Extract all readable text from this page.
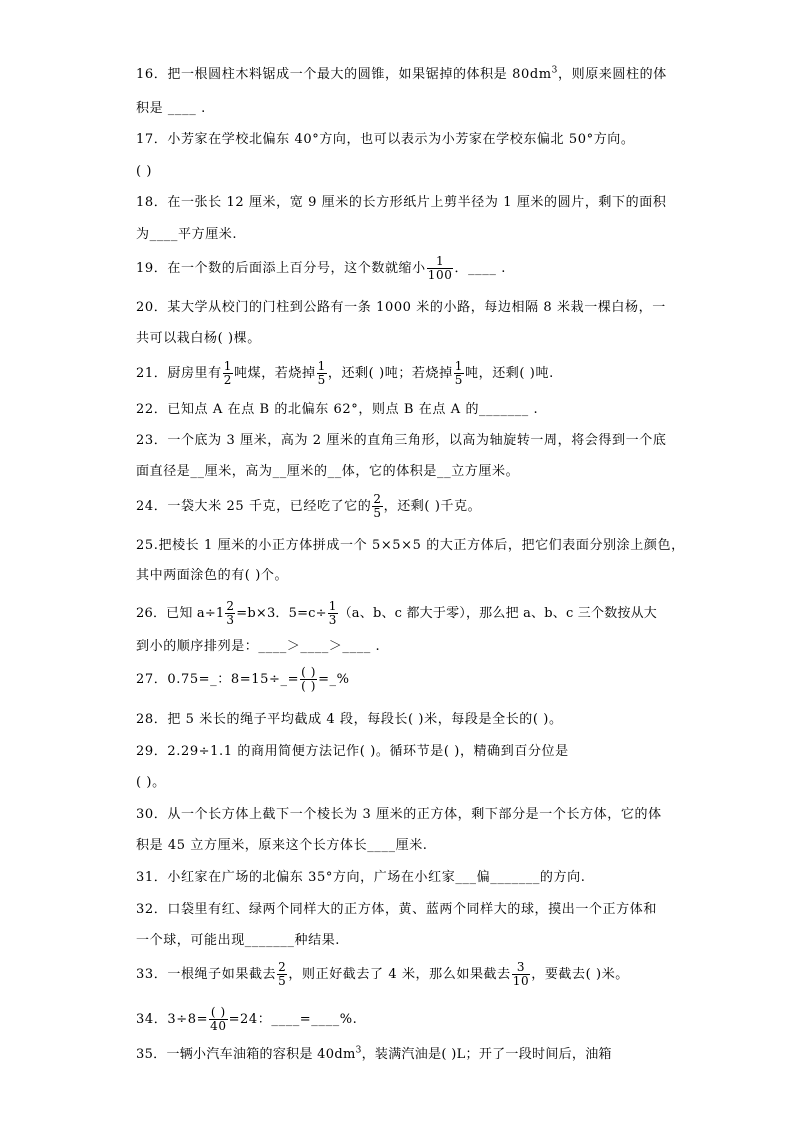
16．把一根圆柱木料锯成一个最大的圆锥，如果锯掉的体积是 $80dm^3$，则原来圆柱的体
积是 ____ .
17．小芳家在学校北偏东 40°方向，也可以表示为小芳家在学校东偏北 50°方向。
( )
18．在一张长 12 厘米，宽 9 厘米的长方形纸片上剪半径为 1 厘米的圆片，剩下的面积
为____平方厘米.
19．在一个数的后面添上百分号，这个数就缩小 $\frac{1}{100}$ ．____ .
20．某大学从校门的门柱到公路有一条 1000 米的小路，每边相隔 8 米栽一棵白杨，一
共可以栽白杨( )棵。
21．厨房里有 $\frac{1}{2}$ 吨煤，若烧掉 $\frac{1}{5}$ ，还剩( )吨；若烧掉 $\frac{1}{5}$ 吨，还剩( )吨.
22．已知点 A 在点 B 的北偏东 62°，则点 B 在点 A 的_______ .
23．一个底为 3 厘米，高为 2 厘米的直角三角形，以高为轴旋转一周，将会得到一个底
面直径是__厘米，高为__厘米的__体，它的体积是__立方厘米。
24．一袋大米 25 千克，已经吃了它的 $\frac{2}{5}$ ，还剩( )千克。
25.把棱长 1 厘米的小正方体拼成一个 5×5×5 的大正方体后，把它们表面分别涂上颜色，
其中两面涂色的有( )个。
26．已知 $a\div 1 \frac{2}{3} =b\times 3$．$5=c\div \frac{1}{3} (a$、b、c 都大于零），那么把 a、b、c 三个数按从大
到小的顺序排列是：____＞____＞____ .
27．0.75=_：8=15÷_= $\frac{( )}{( )}$ =_%
28．把 5 米长的绳子平均截成 4 段，每段长( )米，每段是全长的( )。
29．2.29÷1.1 的商用简便方法记作( )。循环节是( )，精确到百分位是
( )。
30．从一个长方体上截下一个棱长为 3 厘米的正方体，剩下部分是一个长方体，它的体
积是 45 立方厘米，原来这个长方体长____厘米.
31．小红家在广场的北偏东 35°方向，广场在小红家___偏_______的方向.
32．口袋里有红、绿两个同样大的正方体，黄、蓝两个同样大的球，摸出一个正方体和
一个球，可能出现_______种结果.
33．一根绳子如果截去 $\frac{2}{5}$ ，则正好截去了 4 米，那么如果截去 $\frac{3}{10}$ ，要截去( )米。
34．$3\div 8= \frac{( )}{40} =24$：____=____%.
35．一辆小汽车油箱的容积是 $40dm^3$，装满汽油是( )L；开了一段时间后，油箱
